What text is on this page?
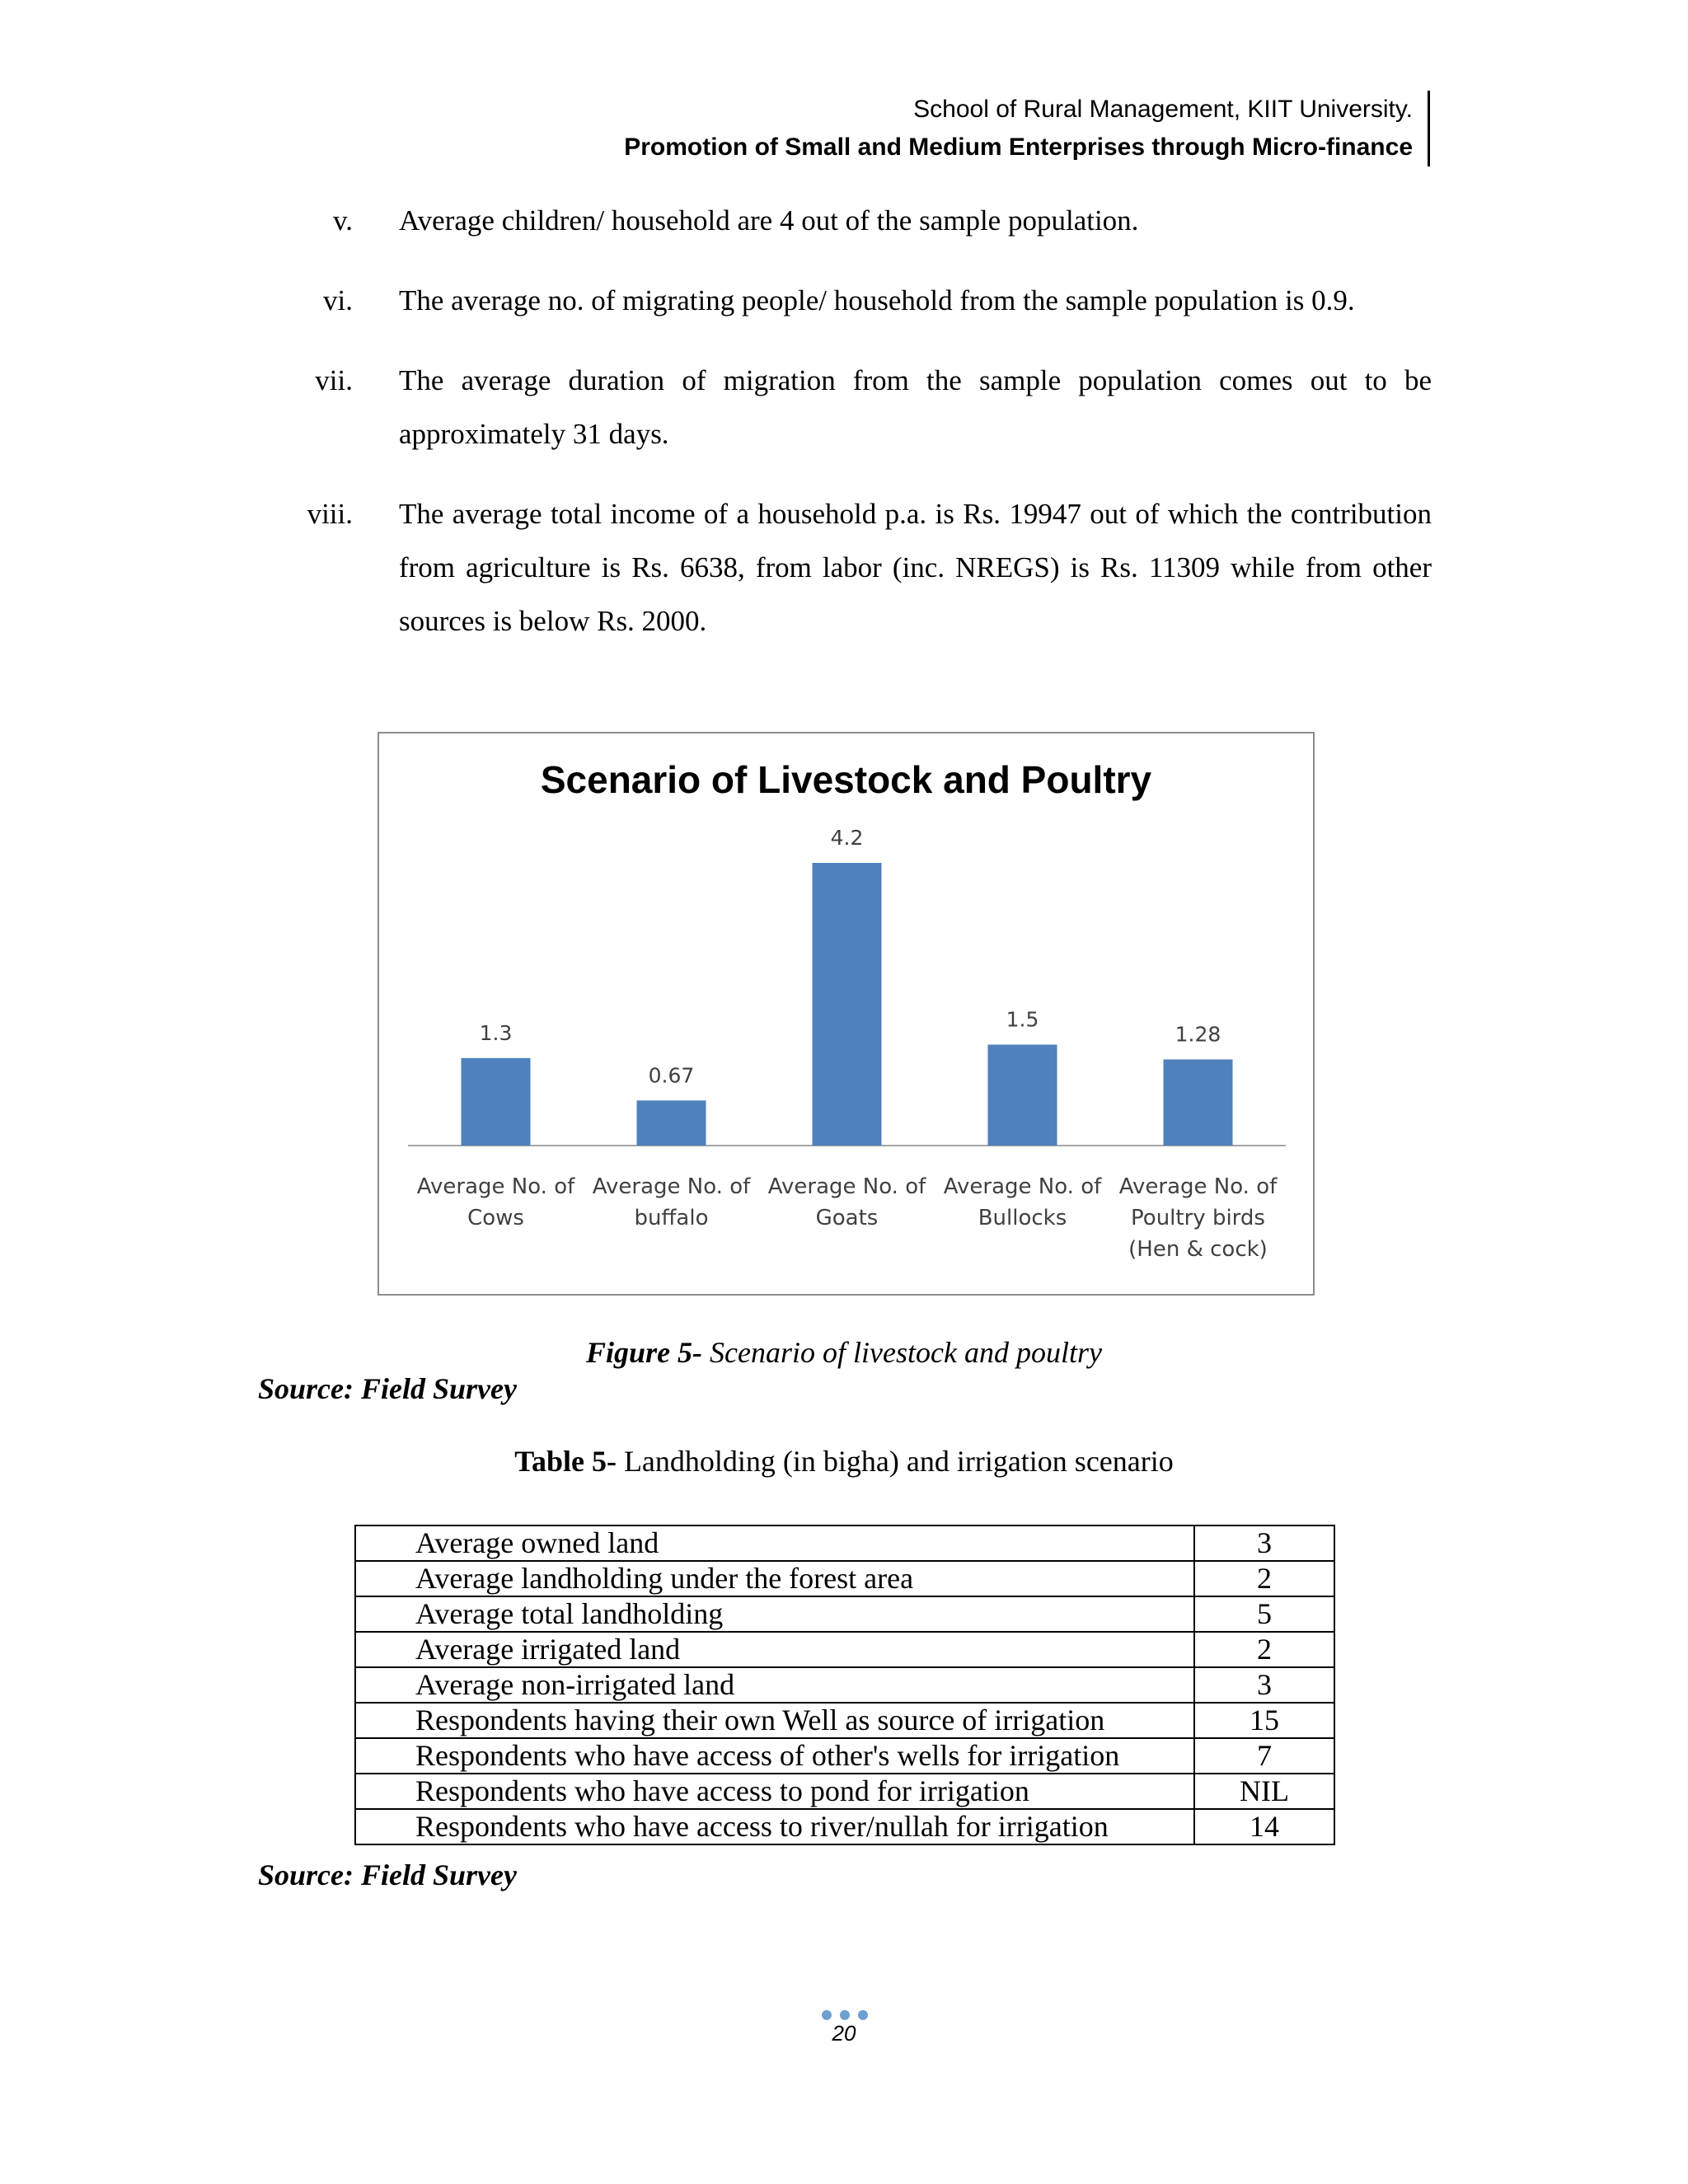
School of Rural Management, KIIT University.
Promotion of Small and Medium Enterprises through Micro-finance
v. Average children/ household are 4 out of the sample population.
vi. The average no. of migrating people/ household from the sample population is 0.9.
vii. The average duration of migration from the sample population comes out to be approximately 31 days.
viii. The average total income of a household p.a. is Rs. 19947 out of which the contribution from agriculture is Rs. 6638, from labor (inc. NREGS) is Rs. 11309 while from other sources is below Rs. 2000.
Scenario of Livestock and Poultry
1.3
Average No. of
Cows
0.67
Average No. of
buffalo
4.2
Average No. of
Goats
1.5
Average No. of
Bullocks
1.28
Average No. of
Poultry birds
(Hen & cock)
Figure 5- Scenario of livestock and poultry
Source: Field Survey
Table 5- Landholding (in bigha) and irrigation scenario
Average owned land	3
Average landholding under the forest area	2
Average total landholding	5
Average irrigated land	2
Average non-irrigated land	3
Respondents having their own Well as source of irrigation	15
Respondents who have access of other's wells for irrigation	7
Respondents who have access to pond for irrigation	NIL
Respondents who have access to river/nullah for irrigation	14
Source: Field Survey
20
